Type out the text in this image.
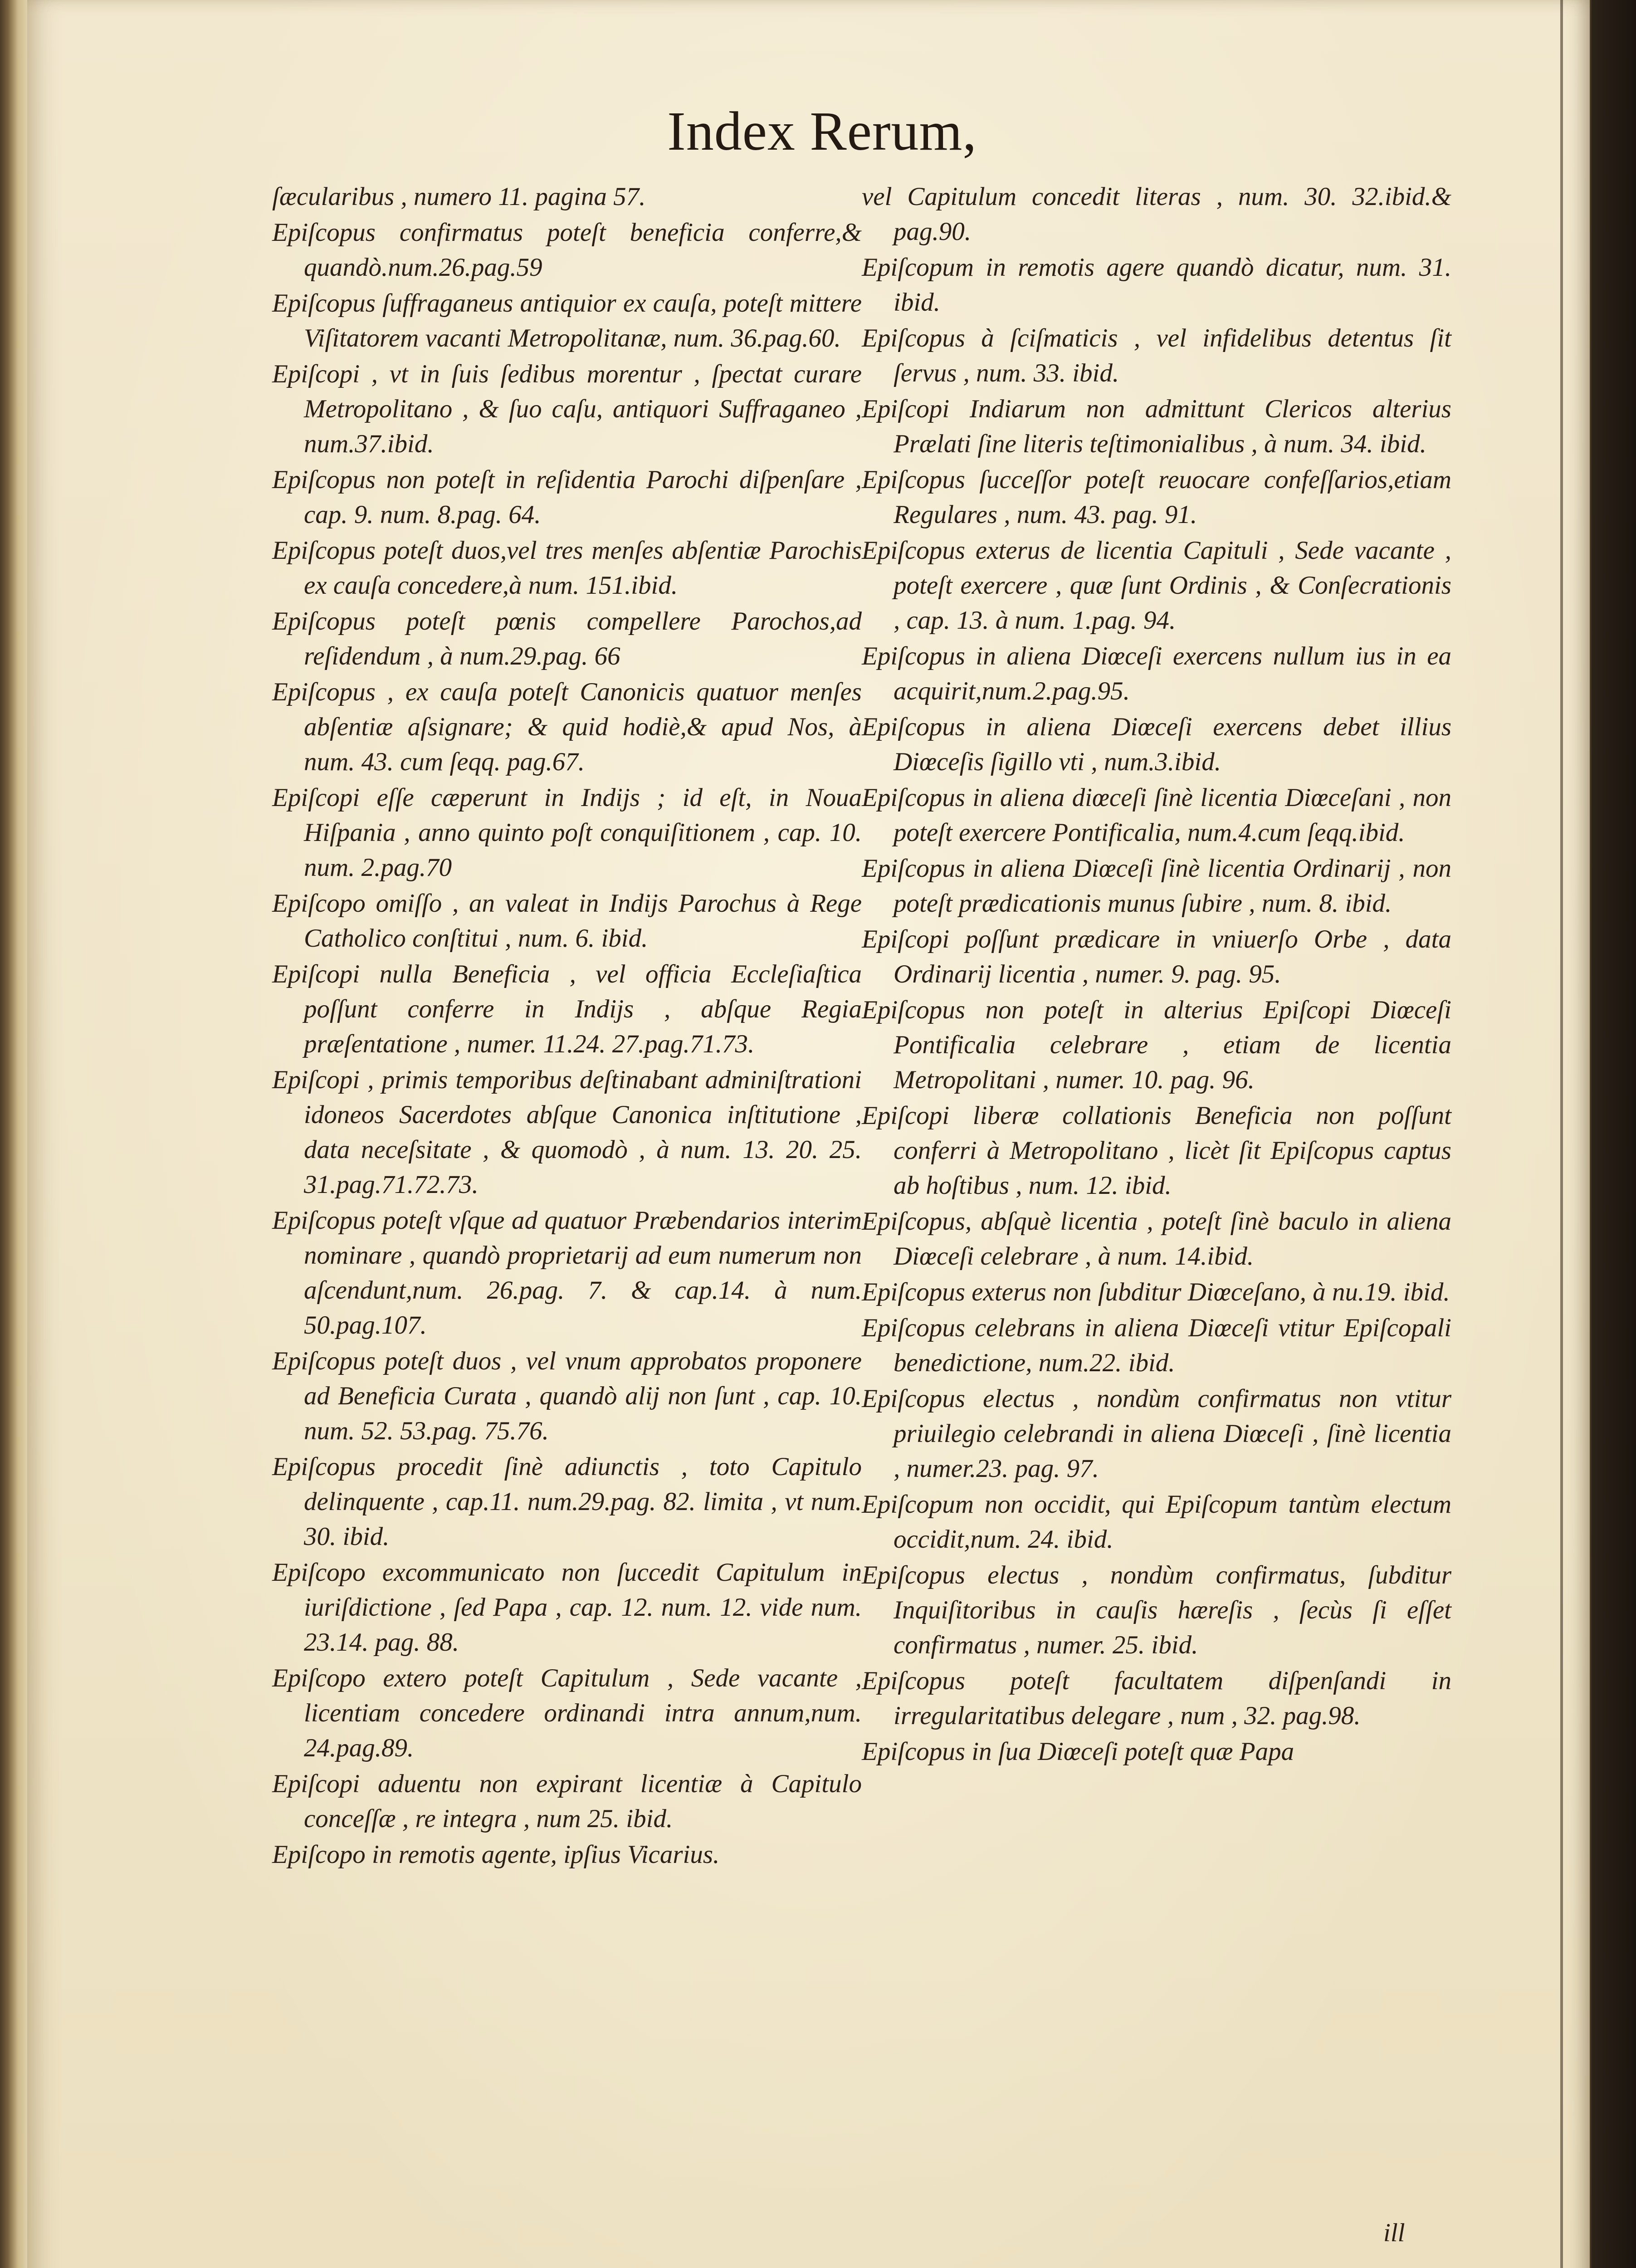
Index Rerum,

ſæcularibus , numero 11. pagina 57.

Epiſcopus confirmatus poteſt beneficia conferre,& quandò.num.26.pag.59

Epiſcopus ſuffraganeus antiquior ex cauſa, poteſt mittere Viſitatorem vacanti Metropolitanæ, num. 36.pag.60.

Epiſcopi , vt in ſuis ſedibus morentur , ſpectat curare Metropolitano , & ſuo caſu, antiquori Suffraganeo , num.37.ibid.

Epiſcopus non poteſt in reſidentia Parochi diſpenſare , cap. 9. num. 8.pag. 64.

Epiſcopus poteſt duos,vel tres menſes abſentiæ Parochis ex cauſa concedere,à num. 151.ibid.

Epiſcopus poteſt pœnis compellere Parochos,ad reſidendum , à num.29.pag. 66

Epiſcopus , ex cauſa poteſt Canonicis quatuor menſes abſentiæ aſsignare; & quid hodiè,& apud Nos, à num. 43. cum ſeqq. pag.67.

Epiſcopi eſſe cæperunt in Indijs ; id eſt, in Noua Hiſpania , anno quinto poſt conquiſitionem , cap. 10. num. 2.pag.70

Epiſcopo omiſſo , an valeat in Indijs Parochus à Rege Catholico conſtitui , num. 6. ibid.

Epiſcopi nulla Beneficia , vel officia Eccleſiaſtica poſſunt conferre in Indijs , abſque Regia præſentatione , numer. 11.24. 27.pag.71.73.

Epiſcopi , primis temporibus deſtinabant adminiſtrationi idoneos Sacerdotes abſque Canonica inſtitutione , data neceſsitate , & quomodò , à num. 13. 20. 25. 31.pag.71.72.73.

Epiſcopus poteſt vſque ad quatuor Præbendarios interim nominare , quandò proprietarij ad eum numerum non aſcendunt,num. 26.pag. 7. & cap.14. à num. 50.pag.107.

Epiſcopus poteſt duos , vel vnum approbatos proponere ad Beneficia Curata , quandò alij non ſunt , cap. 10. num. 52. 53.pag. 75.76.

Epiſcopus procedit ſinè adiunctis , toto Capitulo delinquente , cap.11. num.29.pag. 82. limita , vt num. 30. ibid.

Epiſcopo excommunicato non ſuccedit Capitulum in iuriſdictione , ſed Papa , cap. 12. num. 12. vide num. 23.14. pag. 88.

Epiſcopo extero poteſt Capitulum , Sede vacante , licentiam concedere ordinandi intra annum,num. 24.pag.89.

Epiſcopi aduentu non expirant licentiæ à Capitulo conceſſæ , re integra , num 25. ibid.

Epiſcopo in remotis agente, ipſius Vicarius.

vel Capitulum concedit literas , num. 30. 32.ibid.& pag.90.

Epiſcopum in remotis agere quandò dicatur, num. 31. ibid.

Epiſcopus à ſciſmaticis , vel infidelibus detentus ſit ſervus , num. 33. ibid.

Epiſcopi Indiarum non admittunt Clericos alterius Prælati ſine literis teſtimonialibus , à num. 34. ibid.

Epiſcopus ſucceſſor poteſt reuocare confeſſarios,etiam Regulares , num. 43. pag. 91.

Epiſcopus exterus de licentia Capituli , Sede vacante , poteſt exercere , quæ ſunt Ordinis , & Conſecrationis , cap. 13. à num. 1.pag. 94.

Epiſcopus in aliena Diœceſi exercens nullum ius in ea acquirit,num.2.pag.95.

Epiſcopus in aliena Diœceſi exercens debet illius Diœceſis ſigillo vti , num.3.ibid.

Epiſcopus in aliena diœceſi ſinè licentia Diœceſani , non poteſt exercere Pontificalia, num.4.cum ſeqq.ibid.

Epiſcopus in aliena Diœceſi ſinè licentia Ordinarij , non poteſt prædicationis munus ſubire , num. 8. ibid.

Epiſcopi poſſunt prædicare in vniuerſo Orbe , data Ordinarij licentia , numer. 9. pag. 95.

Epiſcopus non poteſt in alterius Epiſcopi Diœceſi Pontificalia celebrare , etiam de licentia Metropolitani , numer. 10. pag. 96.

Epiſcopi liberæ collationis Beneficia non poſſunt conferri à Metropolitano , licèt ſit Epiſcopus captus ab hoſtibus , num. 12. ibid.

Epiſcopus, abſquè licentia , poteſt ſinè baculo in aliena Diœceſi celebrare , à num. 14.ibid.

Epiſcopus exterus non ſubditur Diœceſano, à nu.19. ibid.

Epiſcopus celebrans in aliena Diœceſi vtitur Epiſcopali benedictione, num.22. ibid.

Epiſcopus electus , nondùm confirmatus non vtitur priuilegio celebrandi in aliena Diœceſi , ſinè licentia , numer.23. pag. 97.

Epiſcopum non occidit, qui Epiſcopum tantùm electum occidit,num. 24. ibid.

Epiſcopus electus , nondùm confirmatus, ſubditur Inquiſitoribus in cauſis hæreſis , ſecùs ſi eſſet confirmatus , numer. 25. ibid.

Epiſcopus poteſt facultatem diſpenſandi in irregularitatibus delegare , num , 32. pag.98.

Epiſcopus in ſua Diœceſi poteſt quæ Papa

ill
